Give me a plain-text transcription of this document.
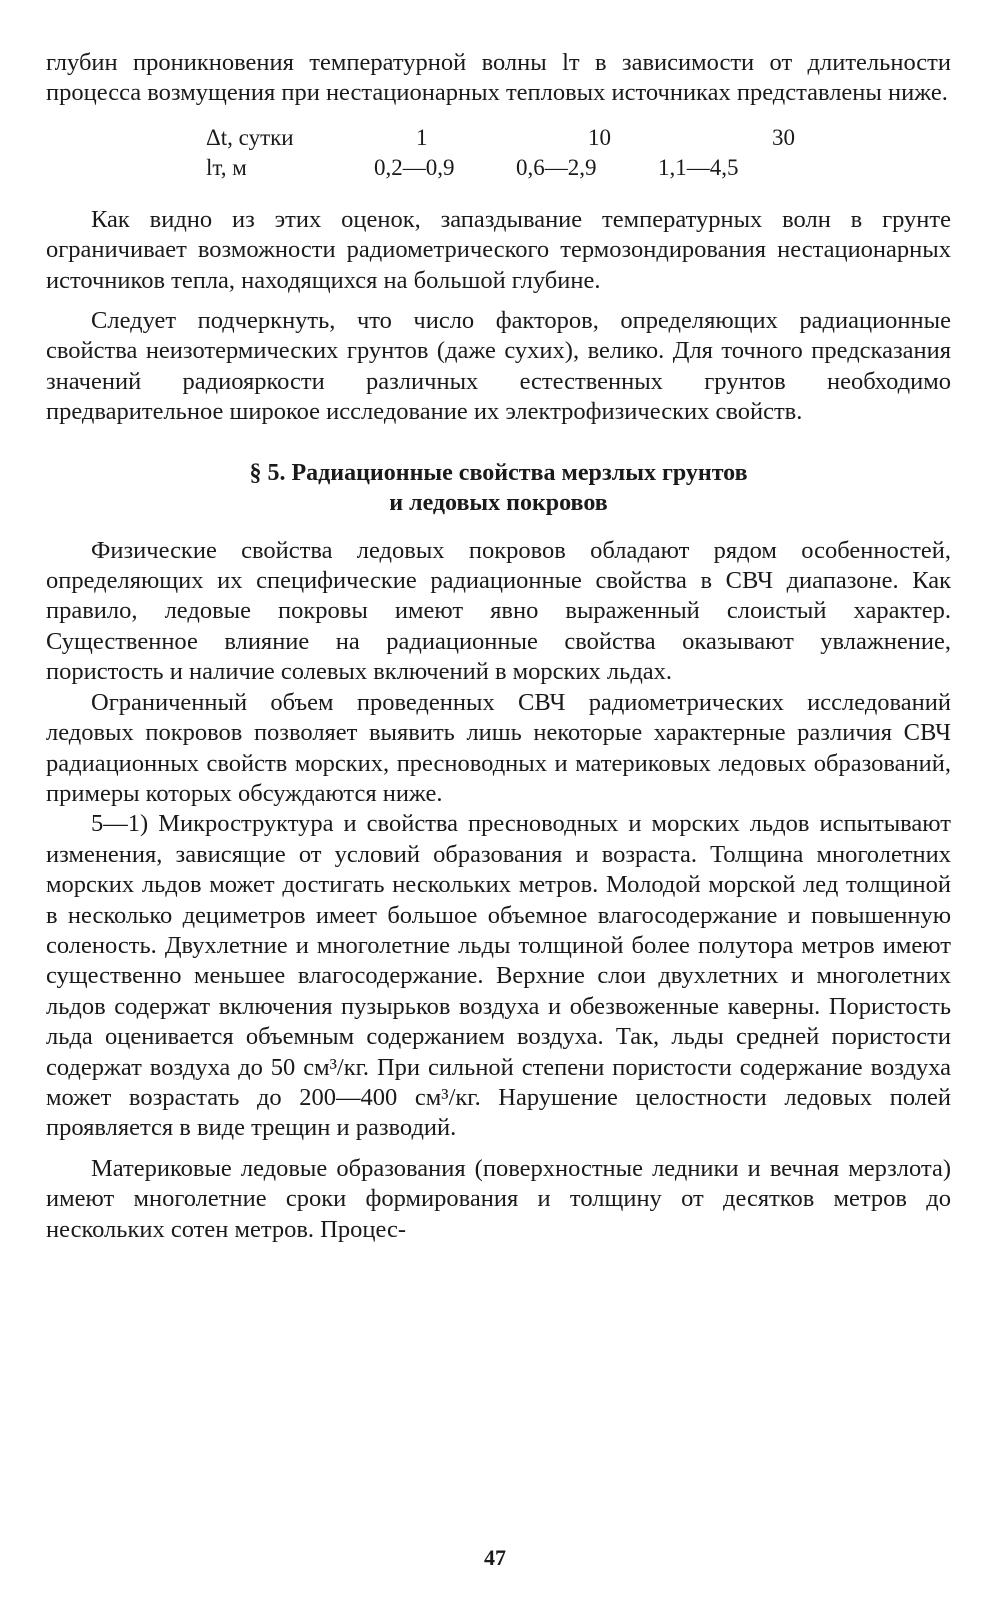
глубин проникновения температурной волны lт в зависимости от длительности процесса возмущения при нестационарных тепловых источниках представлены ниже.

Δt, сутки	1	10	30
lт, м	0,2—0,9	0,6—2,9	1,1—4,5

Как видно из этих оценок, запаздывание температурных волн в грунте ограничивает возможности радиометрического термозондирования нестационарных источников тепла, находящихся на большой глубине.

Следует подчеркнуть, что число факторов, определяющих радиационные свойства неизотермических грунтов (даже сухих), велико. Для точного предсказания значений радиояркости различных естественных грунтов необходимо предварительное широкое исследование их электрофизических свойств.

§ 5. Радиационные свойства мерзлых грунтов
и ледовых покровов

Физические свойства ледовых покровов обладают рядом особенностей, определяющих их специфические радиационные свойства в СВЧ диапазоне. Как правило, ледовые покровы имеют явно выраженный слоистый характер. Существенное влияние на радиационные свойства оказывают увлажнение, пористость и наличие солевых включений в морских льдах.

Ограниченный объем проведенных СВЧ радиометрических исследований ледовых покровов позволяет выявить лишь некоторые характерные различия СВЧ радиационных свойств морских, пресноводных и материковых ледовых образований, примеры которых обсуждаются ниже.

5—1) Микроструктура и свойства пресноводных и морских льдов испытывают изменения, зависящие от условий образования и возраста. Толщина многолетних морских льдов может достигать нескольких метров. Молодой морской лед толщиной в несколько дециметров имеет большое объемное влагосодержание и повышенную соленость. Двухлетние и многолетние льды толщиной более полутора метров имеют существенно меньшее влагосодержание. Верхние слои двухлетних и многолетних льдов содержат включения пузырьков воздуха и обезвоженные каверны. Пористость льда оценивается объемным содержанием воздуха. Так, льды средней пористости содержат воздуха до 50 см³/кг. При сильной степени пористости содержание воздуха может возрастать до 200—400 см³/кг. Нарушение целостности ледовых полей проявляется в виде трещин и разводий.

Материковые ледовые образования (поверхностные ледники и вечная мерзлота) имеют многолетние сроки формирования и толщину от десятков метров до нескольких сотен метров. Процес-

47
